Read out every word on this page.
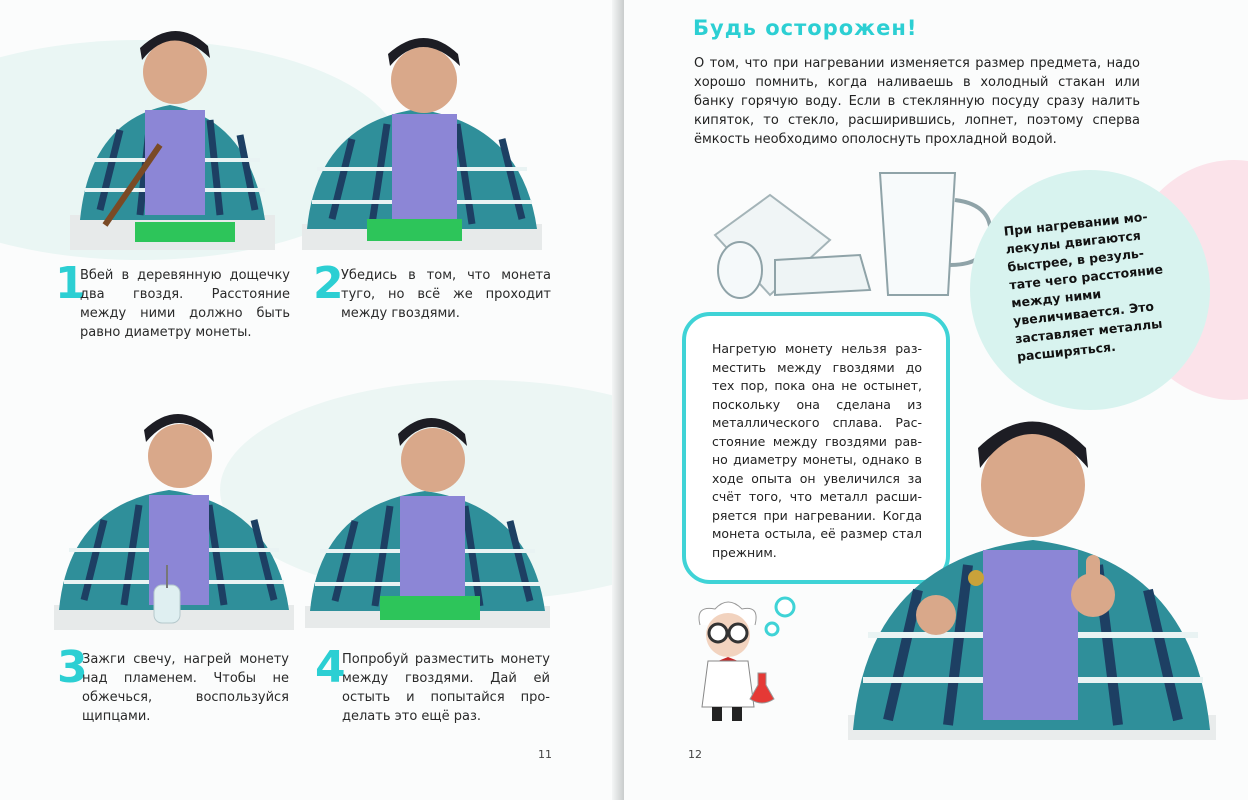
1
Вбей в деревянную дощечку два гвоздя. Расстояние между ними должно быть равно диаметру монеты.
2
Убедись в том, что монета туго, но всё же проходит между гвоздями.
3
Зажги свечу, нагрей монету над пламенем. Чтобы не обжечься, воспользуйся щипцами.
4
Попробуй разместить монету между гвоздями. Дай ей остыть и попытайся проделать это ещё раз.
11
Будь осторожен!
О том, что при нагревании изменяется размер предмета, надо хорошо помнить, когда наливаешь в холодный стакан или банку горячую воду. Если в стеклянную посуду сразу налить кипяток, то стекло, расширившись, лопнет, поэтому сперва ёмкость необходимо ополоснуть прохладной водой.
При нагревании молекулы двигаются быстрее, в результате чего расстояние между ними увеличивается. Это заставляет металлы расширяться.
Нагретую монету нельзя разместить между гвоздями до тех пор, пока она не остынет, поскольку она сделана из металлического сплава. Расстояние между гвоздями равно диаметру монеты, однако в ходе опыта он увеличился за счёт того, что металл расширяется при нагревании. Когда монета остыла, её размер стал прежним.
12
